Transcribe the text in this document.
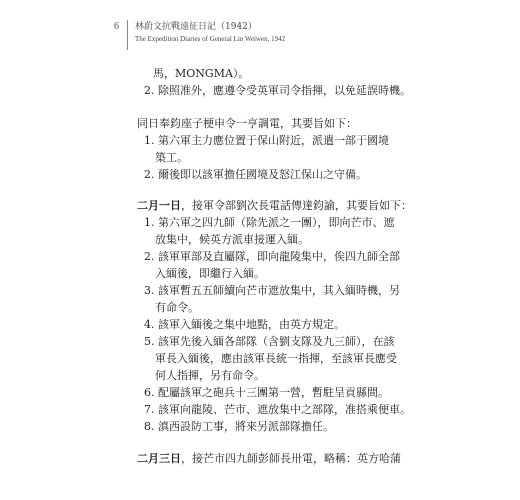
6 林蔚文抗戰遠征日記（1942）
The Expedition Diaries of General Lin Weiwen, 1942
馬，MONGMA）。
2. 除照准外，應遵令受英軍司令指揮，以免延誤時機。
同日奉鈞座子梗申令一亨調電，其要旨如下：
1. 第六軍主力應位置于保山附近，派遣一部于國境
築工。
2. 爾後即以該軍擔任國境及怒江保山之守備。
二月一日，接軍令部劉次長電話傳達鈞諭，其要旨如下：
1. 第六軍之四九師（除先派之一團），即向芒市、遮
放集中，候英方派車接運入緬。
2. 該軍軍部及直屬隊，即向龍陵集中，俟四九師全部
入緬後，即繼行入緬。
3. 該軍暫五五師續向芒市遮放集中，其入緬時機，另
有命令。
4. 該軍入緬後之集中地點，由英方規定。
5. 該軍先後入緬各部隊（含劉支隊及九三師），在該
軍長入緬後，應由該軍長統一指揮，至該軍長應受
何人指揮，另有命令。
6. 配屬該軍之砲兵十三團第一營，暫駐呈貢縣間。
7. 該軍向龍陵、芒市、遮放集中之部隊，准搭乘便車。
8. 滇西設防工事，將來另派部隊擔任。
二月三日，接芒市四九師彭師長卅電，略稱：英方哈蒲
